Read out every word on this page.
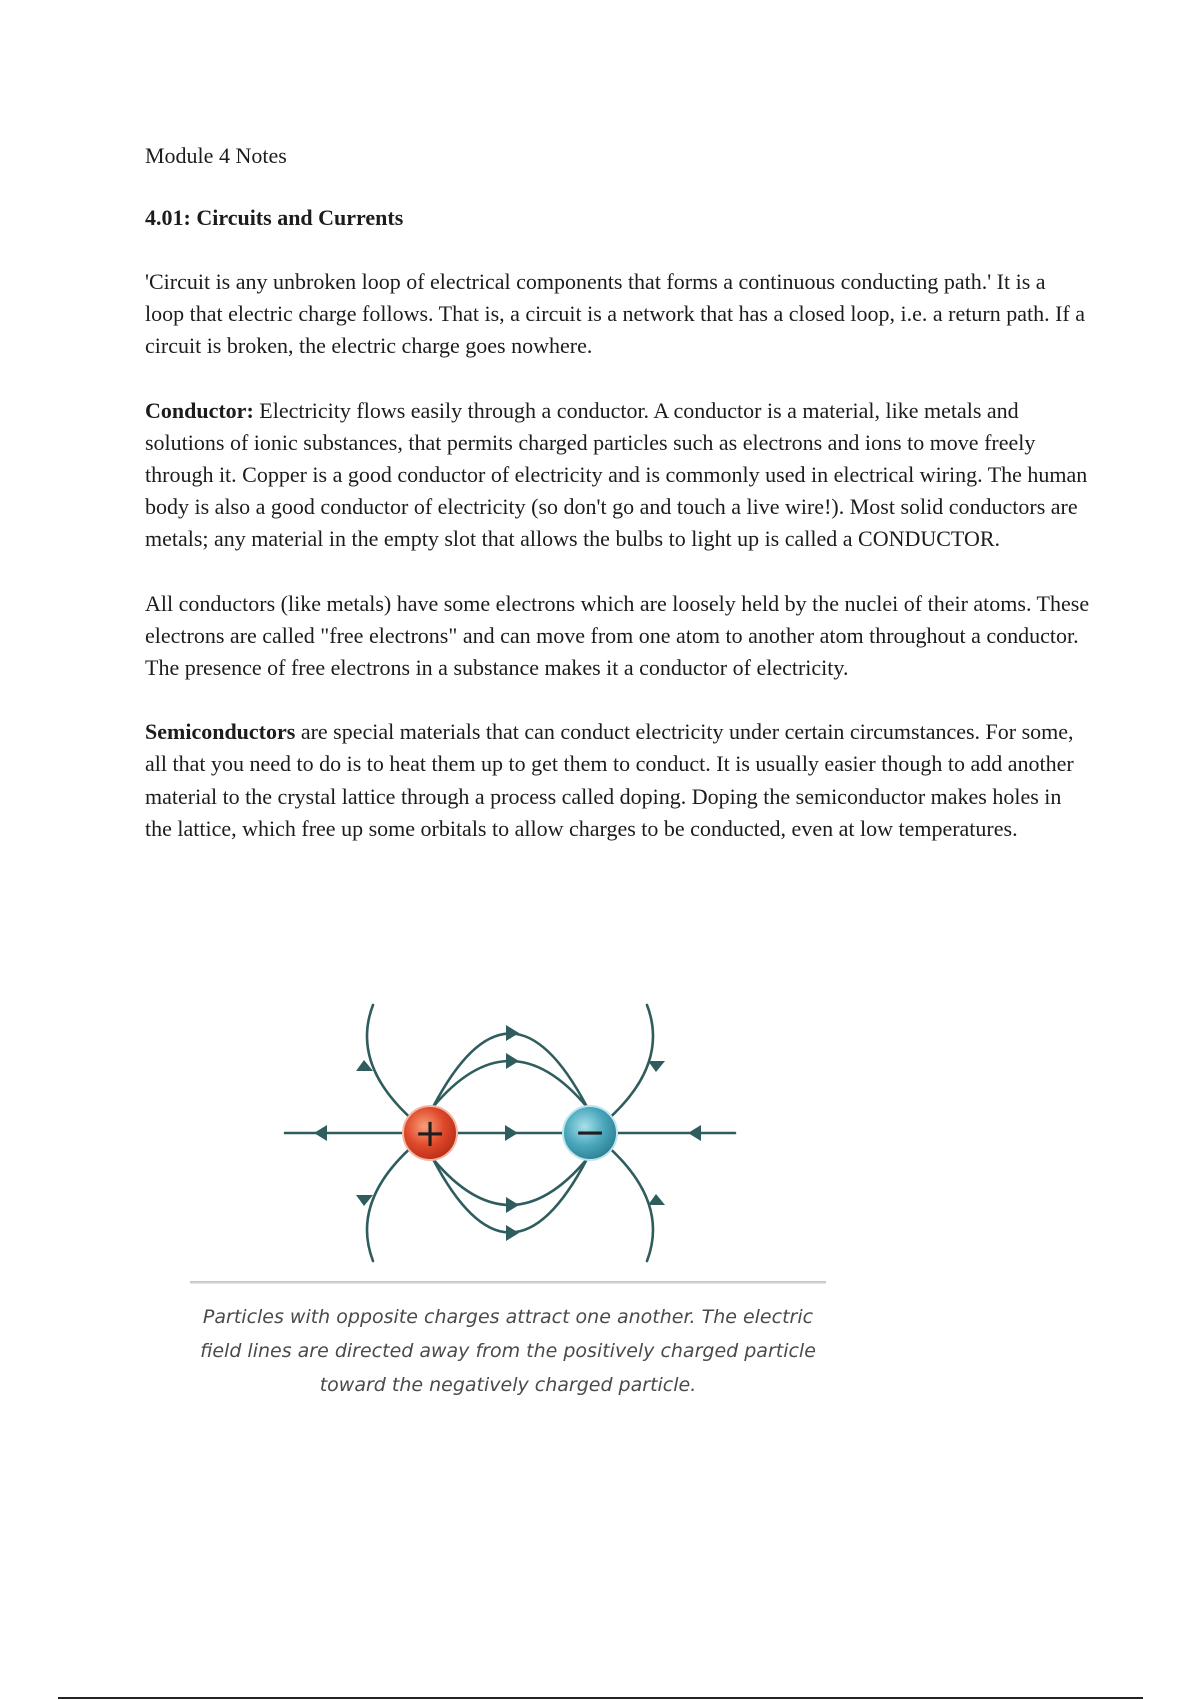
Module 4 Notes
4.01: Circuits and Currents

'Circuit is any unbroken loop of electrical components that forms a continuous conducting path.' It is a loop that electric charge follows. That is, a circuit is a network that has a closed loop, i.e. a return path. If a circuit is broken, the electric charge goes nowhere.

Conductor: Electricity flows easily through a conductor. A conductor is a material, like metals and solutions of ionic substances, that permits charged particles such as electrons and ions to move freely through it. Copper is a good conductor of electricity and is commonly used in electrical wiring. The human body is also a good conductor of electricity (so don't go and touch a live wire!). Most solid conductors are metals; any material in the empty slot that allows the bulbs to light up is called a CONDUCTOR.

All conductors (like metals) have some electrons which are loosely held by the nuclei of their atoms. These electrons are called "free electrons" and can move from one atom to another atom throughout a conductor. The presence of free electrons in a substance makes it a conductor of electricity.

Semiconductors are special materials that can conduct electricity under certain circumstances. For some, all that you need to do is to heat them up to get them to conduct. It is usually easier though to add another material to the crystal lattice through a process called doping. Doping the semiconductor makes holes in the lattice, which free up some orbitals to allow charges to be conducted, even at low temperatures.

+	−
Particles with opposite charges attract one another. The electric field lines are directed away from the positively charged particle toward the negatively charged particle.
